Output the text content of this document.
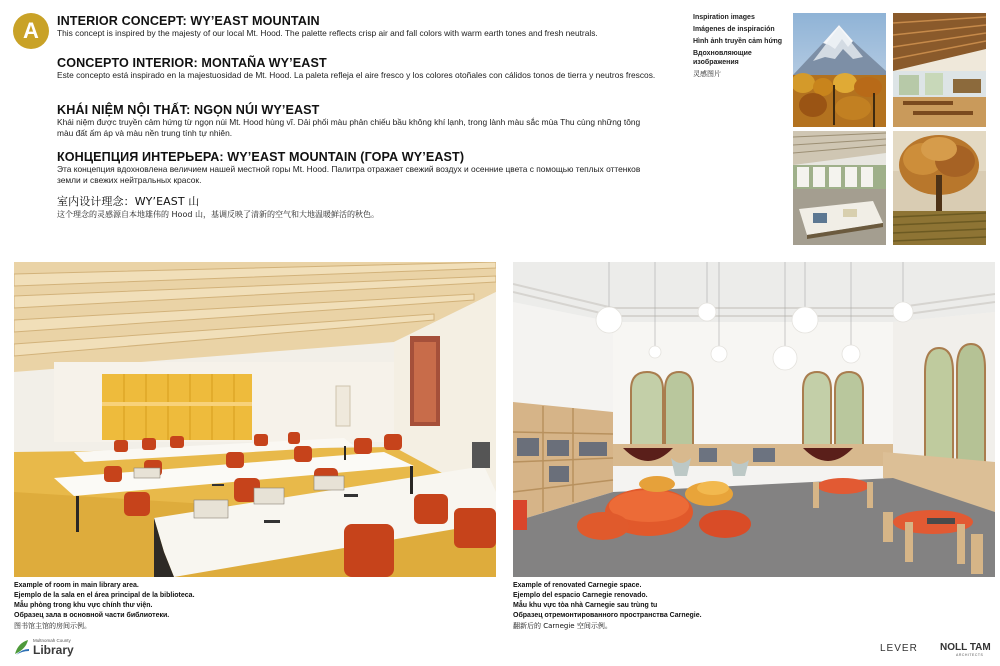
A	INTERIOR CONCEPT: WY’EAST MOUNTAIN

This concept is inspired by the majesty of our local Mt. Hood. The palette reflects crisp air and fall colors with warm earth tones and fresh neutrals.

CONCEPTO INTERIOR: MONTAÑA WY’EAST

Este concepto está inspirado en la majestuosidad de Mt. Hood. La paleta refleja el aire fresco y los colores otoñales con cálidos tonos de tierra y neutros frescos.

KHÁI NIỆM NỘI THẤT: NGỌN NÚI WY’EAST

Khái niệm được truyền cảm hứng từ ngọn núi Mt. Hood hùng vĩ. Dải phối màu phản chiếu bầu không khí lạnh, trong lành màu sắc mùa Thu cùng những tông màu đất ấm áp và màu nền trung tính tự nhiên.

КОНЦЕПЦИЯ ИНТЕРЬЕРА: WY’EAST MOUNTAIN (ГОРА WY’EAST)

Эта концепция вдохновлена величием нашей местной горы Mt. Hood. Палитра отражает свежий воздух и осенние цвета с помощью теплых оттенков земли и свежих нейтральных красок.

室内设计理念：WY’EAST 山

这个理念的灵感源自本地雄伟的 Hood 山，基调反映了清新的空气和大地温暖鲜活的秋色。

Inspiration images
Imágenes de inspiración
Hình ảnh truyền cảm hứng
Вдохновляющие
изображения
灵感图片
Example of room in main library area.
Ejemplo de la sala en el área principal de la biblioteca.
Mẫu phòng trong khu vực chính thư viện.
Образец зала в основной части библиотеки.
图书馆主馆的房间示例。
Example of renovated Carnegie space.
Ejemplo del espacio Carnegie renovado.
Mẫu khu vực tòa nhà Carnegie sau trùng tu
Образец отремонтированного пространства Carnegie.
翻新后的 Carnegie 空间示例。
Multnomah County
Library	LEVER NOLL TAM
ARCHITECTS
